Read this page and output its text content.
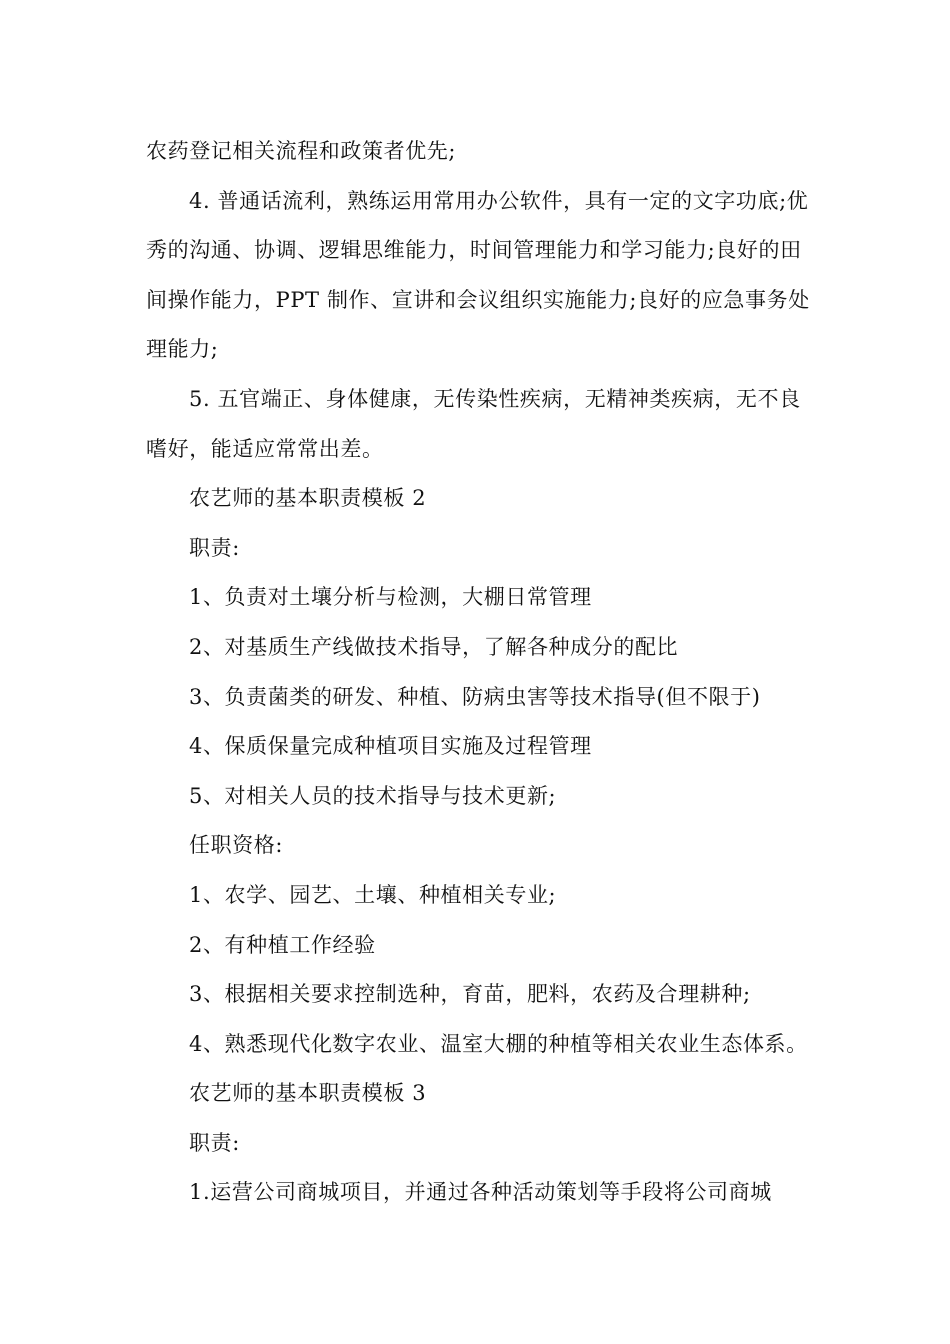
农药登记相关流程和政策者优先;

4. 普通话流利，熟练运用常用办公软件，具有一定的文字功底;优秀的沟通、协调、逻辑思维能力，时间管理能力和学习能力;良好的田间操作能力，PPT 制作、宣讲和会议组织实施能力;良好的应急事务处理能力;

5. 五官端正、身体健康，无传染性疾病，无精神类疾病，无不良嗜好，能适应常常出差。

农艺师的基本职责模板 2

职责:

1、负责对土壤分析与检测，大棚日常管理

2、对基质生产线做技术指导，了解各种成分的配比

3、负责菌类的研发、种植、防病虫害等技术指导(但不限于)

4、保质保量完成种植项目实施及过程管理

5、对相关人员的技术指导与技术更新;

任职资格:

1、农学、园艺、土壤、种植相关专业;

2、有种植工作经验

3、根据相关要求控制选种，育苗，肥料，农药及合理耕种;

4、熟悉现代化数字农业、温室大棚的种植等相关农业生态体系。

农艺师的基本职责模板 3

职责:

1.运营公司商城项目，并通过各种活动策划等手段将公司商城
